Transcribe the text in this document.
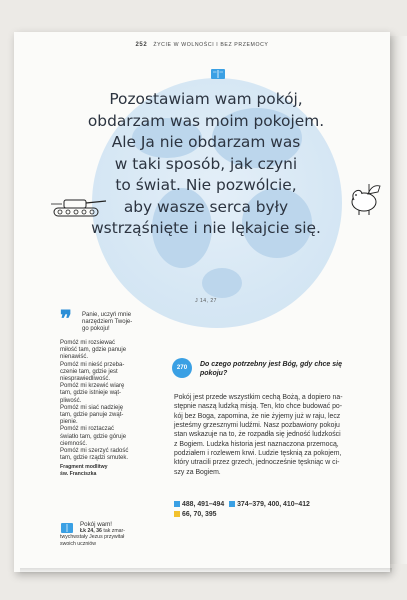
252 ŻYCIE W WOLNOŚCI I BEZ PRZEMOCY
Pozostawiam wam pokój,
obdarzam was moim pokojem.
Ale Ja nie obdarzam was
w taki sposób, jak czyni
to świat. Nie pozwólcie,
aby wasze serca były
wstrząśnięte i nie lękajcie się.
J 14, 27
❞ Panie, uczyń mnie
narzędziem Twoje-
go pokoju!
Pomóż mi rozsiewać
miłość tam, gdzie panuje
nienawiść.
Pomóż mi nieść przeba-
czenie tam, gdzie jest
niesprawiedliwość.
Pomóż mi krzewić wiarę
tam, gdzie istnieje wąt-
pliwość.
Pomóż mi siać nadzieję
tam, gdzie panuje zwąt-
pienie.
Pomóż mi roztaczać
światło tam, gdzie góruje
ciemność.
Pomóż mi szerzyć radość
tam, gdzie rządzi smutek.
Fragment modlitwy
św. Franciszka
Pokój wam!
Łk 24, 36 tak zmar-
twychwstały Jezus przywitał
swoich uczniów
270	Do czego potrzebny jest Bóg, gdy chce się
pokoju?
Pokój jest przede wszystkim cechą Bożą, a dopiero na-
stępnie naszą ludzką misją. Ten, kto chce budować po-
kój bez Boga, zapomina, że nie żyjemy już w raju, lecz
jesteśmy grzesznymi ludźmi. Nasz pozbawiony pokoju
stan wskazuje na to, że rozpadła się jedność ludzkości
z Bogiem. Ludzka historia jest naznaczona przemocą,
podziałem i rozlewem krwi. Ludzie tęsknią za pokojem,
który utracili przez grzech, jednocześnie tęskniąc w ci-
szy za Bogiem.
488, 491–494 374–379, 400, 410–412
66, 70, 395
